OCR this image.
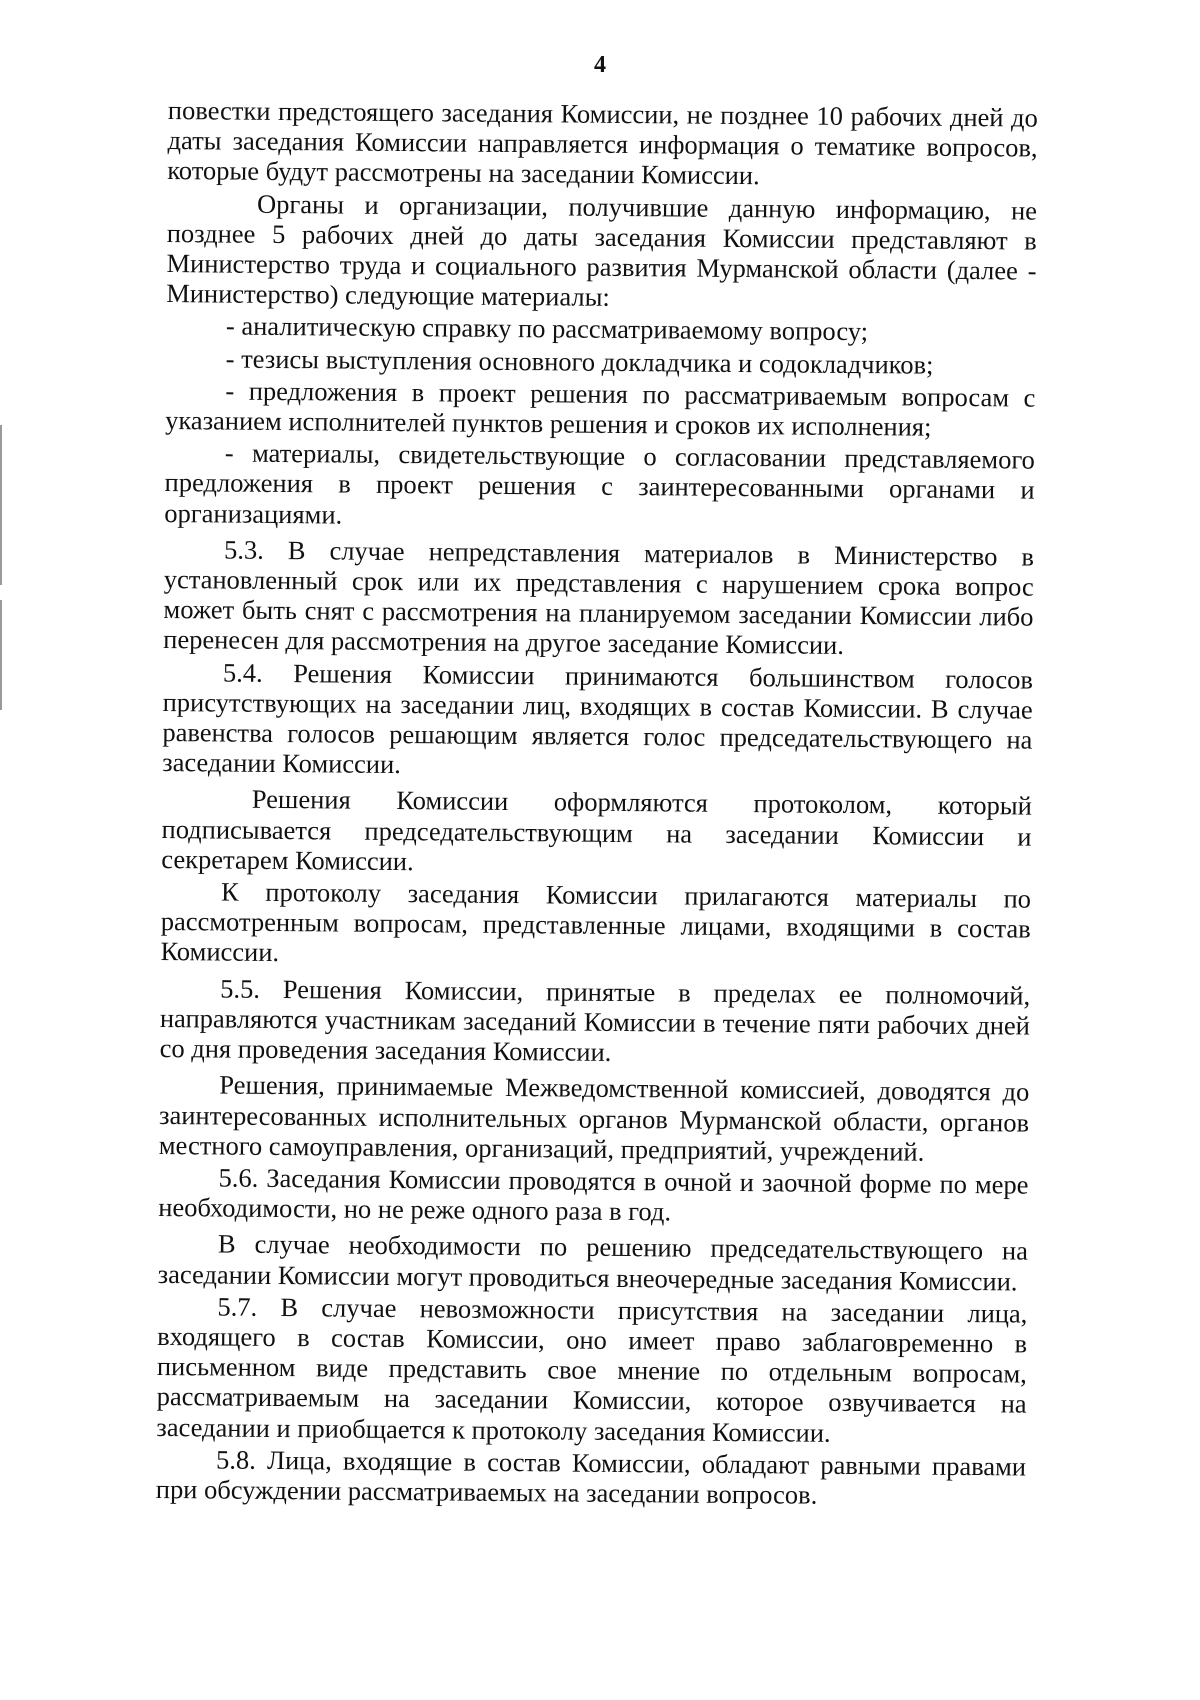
4

повестки предстоящего заседания Комиссии, не позднее 10 рабочих дней до даты заседания Комиссии направляется информация о тематике вопросов, которые будут рассмотрены на заседании Комиссии.

Органы и организации, получившие данную информацию, не позднее 5 рабочих дней до даты заседания Комиссии представляют в Министерство труда и социального развития Мурманской области (далее - Министерство) следующие материалы:

- аналитическую справку по рассматриваемому вопросу;

- тезисы выступления основного докладчика и содокладчиков;

- предложения в проект решения по рассматриваемым вопросам с указанием исполнителей пунктов решения и сроков их исполнения;

- материалы, свидетельствующие о согласовании представляемого предложения в проект решения с заинтересованными органами и организациями.

5.3. В случае непредставления материалов в Министерство в установленный срок или их представления с нарушением срока вопрос может быть снят с рассмотрения на планируемом заседании Комиссии либо перенесен для рассмотрения на другое заседание Комиссии.

5.4. Решения Комиссии принимаются большинством голосов присутствующих на заседании лиц, входящих в состав Комиссии. В случае равенства голосов решающим является голос председательствующего на заседании Комиссии.

Решения Комиссии оформляются протоколом, который подписывается председательствующим на заседании Комиссии и секретарем Комиссии.

К протоколу заседания Комиссии прилагаются материалы по рассмотренным вопросам, представленные лицами, входящими в состав Комиссии.

5.5. Решения Комиссии, принятые в пределах ее полномочий, направляются участникам заседаний Комиссии в течение пяти рабочих дней со дня проведения заседания Комиссии.

Решения, принимаемые Межведомственной комиссией, доводятся до заинтересованных исполнительных органов Мурманской области, органов местного самоуправления, организаций, предприятий, учреждений.

5.6. Заседания Комиссии проводятся в очной и заочной форме по мере необходимости, но не реже одного раза в год.

В случае необходимости по решению председательствующего на заседании Комиссии могут проводиться внеочередные заседания Комиссии.

5.7. В случае невозможности присутствия на заседании лица, входящего в состав Комиссии, оно имеет право заблаговременно в письменном виде представить свое мнение по отдельным вопросам, рассматриваемым на заседании Комиссии, которое озвучивается на заседании и приобщается к протоколу заседания Комиссии.

5.8. Лица, входящие в состав Комиссии, обладают равными правами при обсуждении рассматриваемых на заседании вопросов.
